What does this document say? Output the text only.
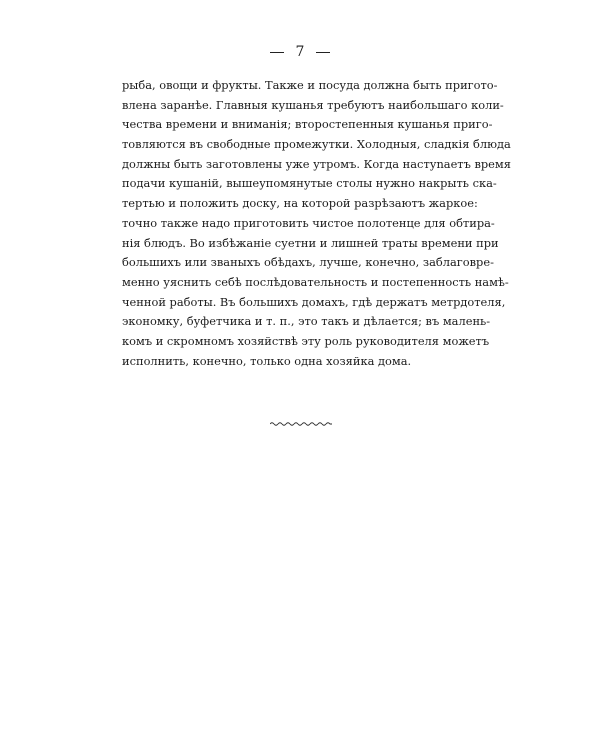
7
рыба, овощи и фрукты. Также и посуда должна быть пригото-
влена заранѣе. Главныя кушанья требуютъ наибольшаго коли-
чества времени и вниманія; второстепенныя кушанья приго-
товляются въ свободные промежутки. Холодныя, сладкія блюда
должны быть заготовлены уже утромъ. Когда настуnаетъ время
подачи кушаній, вышеупомянутые столы нужно накрыть ска-
тертью и положить доску, на которой разрѣзаютъ жаркое:
точно также надо приготовить чистое полотенце для обтира-
нія блюдъ. Во избѣжаніе суетни и лишней траты времени при
большихъ или званыхъ обѣдахъ, лучше, конечно, заблаговре-
менно уяснить себѣ послѣдовательность и постепенность намѣ-
ченной работы. Въ большихъ домахъ, гдѣ держатъ метрдотеля,
экономку, буфетчика и т. п., это такъ и дѣлается; въ малень-
комъ и скромномъ хозяйствѣ эту роль руководителя можетъ
исполнить, конечно, только одна хозяйка дома.
